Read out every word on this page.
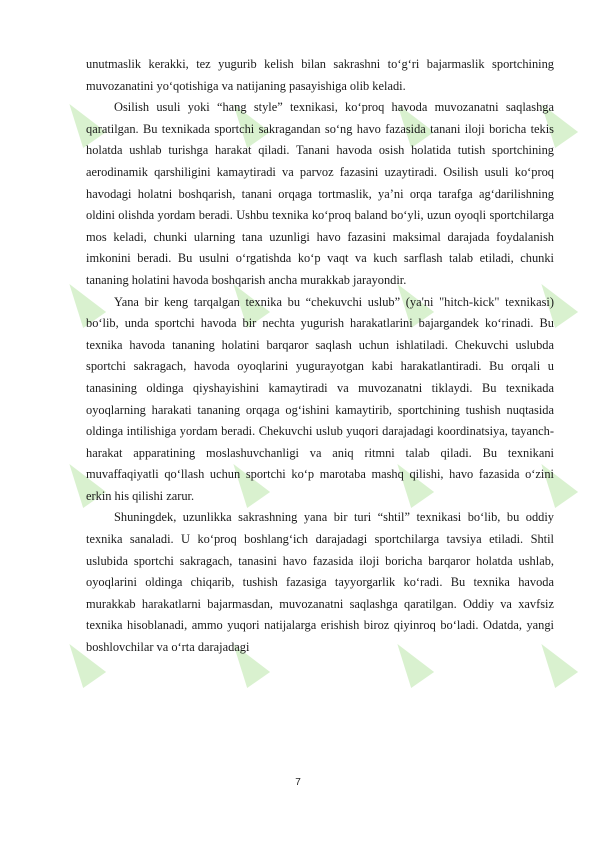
unutmaslik kerakki, tez yugurib kelish bilan sakrashni to‘g‘ri bajarmaslik sportchining muvozanatini yo‘qotishiga va natijaning pasayishiga olib keladi.

Osilish usuli yoki “hang style” texnikasi, ko‘proq havoda muvozanatni saqlashga qaratilgan. Bu texnikada sportchi sakragandan so‘ng havo fazasida tanani iloji boricha tekis holatda ushlab turishga harakat qiladi. Tanani havoda osish holatida tutish sportchining aerodinamik qarshiligini kamaytiradi va parvoz fazasini uzaytiradi. Osilish usuli ko‘proq havodagi holatni boshqarish, tanani orqaga tortmaslik, ya’ni orqa tarafga ag‘darilishning oldini olishda yordam beradi. Ushbu texnika ko‘proq baland bo‘yli, uzun oyoqli sportchilarga mos keladi, chunki ularning tana uzunligi havo fazasini maksimal darajada foydalanish imkonini beradi. Bu usulni o‘rgatishda ko‘p vaqt va kuch sarflash talab etiladi, chunki tananing holatini havoda boshqarish ancha murakkab jarayondir.

Yana bir keng tarqalgan texnika bu “chekuvchi uslub” (ya'ni "hitch-kick" texnikasi) bo‘lib, unda sportchi havoda bir nechta yugurish harakatlarini bajargandek ko‘rinadi. Bu texnika havoda tananing holatini barqaror saqlash uchun ishlatiladi. Chekuvchi uslubda sportchi sakragach, havoda oyoqlarini yugurayotgan kabi harakatlantiradi. Bu orqali u tanasining oldinga qiyshayishini kamaytiradi va muvozanatni tiklaydi. Bu texnikada oyoqlarning harakati tananing orqaga og‘ishini kamaytirib, sportchining tushish nuqtasida oldinga intilishiga yordam beradi. Chekuvchi uslub yuqori darajadagi koordinatsiya, tayanch-harakat apparatining moslashuvchanligi va aniq ritmni talab qiladi. Bu texnikani muvaffaqiyatli qo‘llash uchun sportchi ko‘p marotaba mashq qilishi, havo fazasida o‘zini erkin his qilishi zarur.

Shuningdek, uzunlikka sakrashning yana bir turi “shtil” texnikasi bo‘lib, bu oddiy texnika sanaladi. U ko‘proq boshlang‘ich darajadagi sportchilarga tavsiya etiladi. Shtil uslubida sportchi sakragach, tanasini havo fazasida iloji boricha barqaror holatda ushlab, oyoqlarini oldinga chiqarib, tushish fazasiga tayyorgarlik ko‘radi. Bu texnika havoda murakkab harakatlarni bajarmasdan, muvozanatni saqlashga qaratilgan. Oddiy va xavfsiz texnika hisoblanadi, ammo yuqori natijalarga erishish biroz qiyinroq bo‘ladi. Odatda, yangi boshlovchilar va o‘rta darajadagi

7
